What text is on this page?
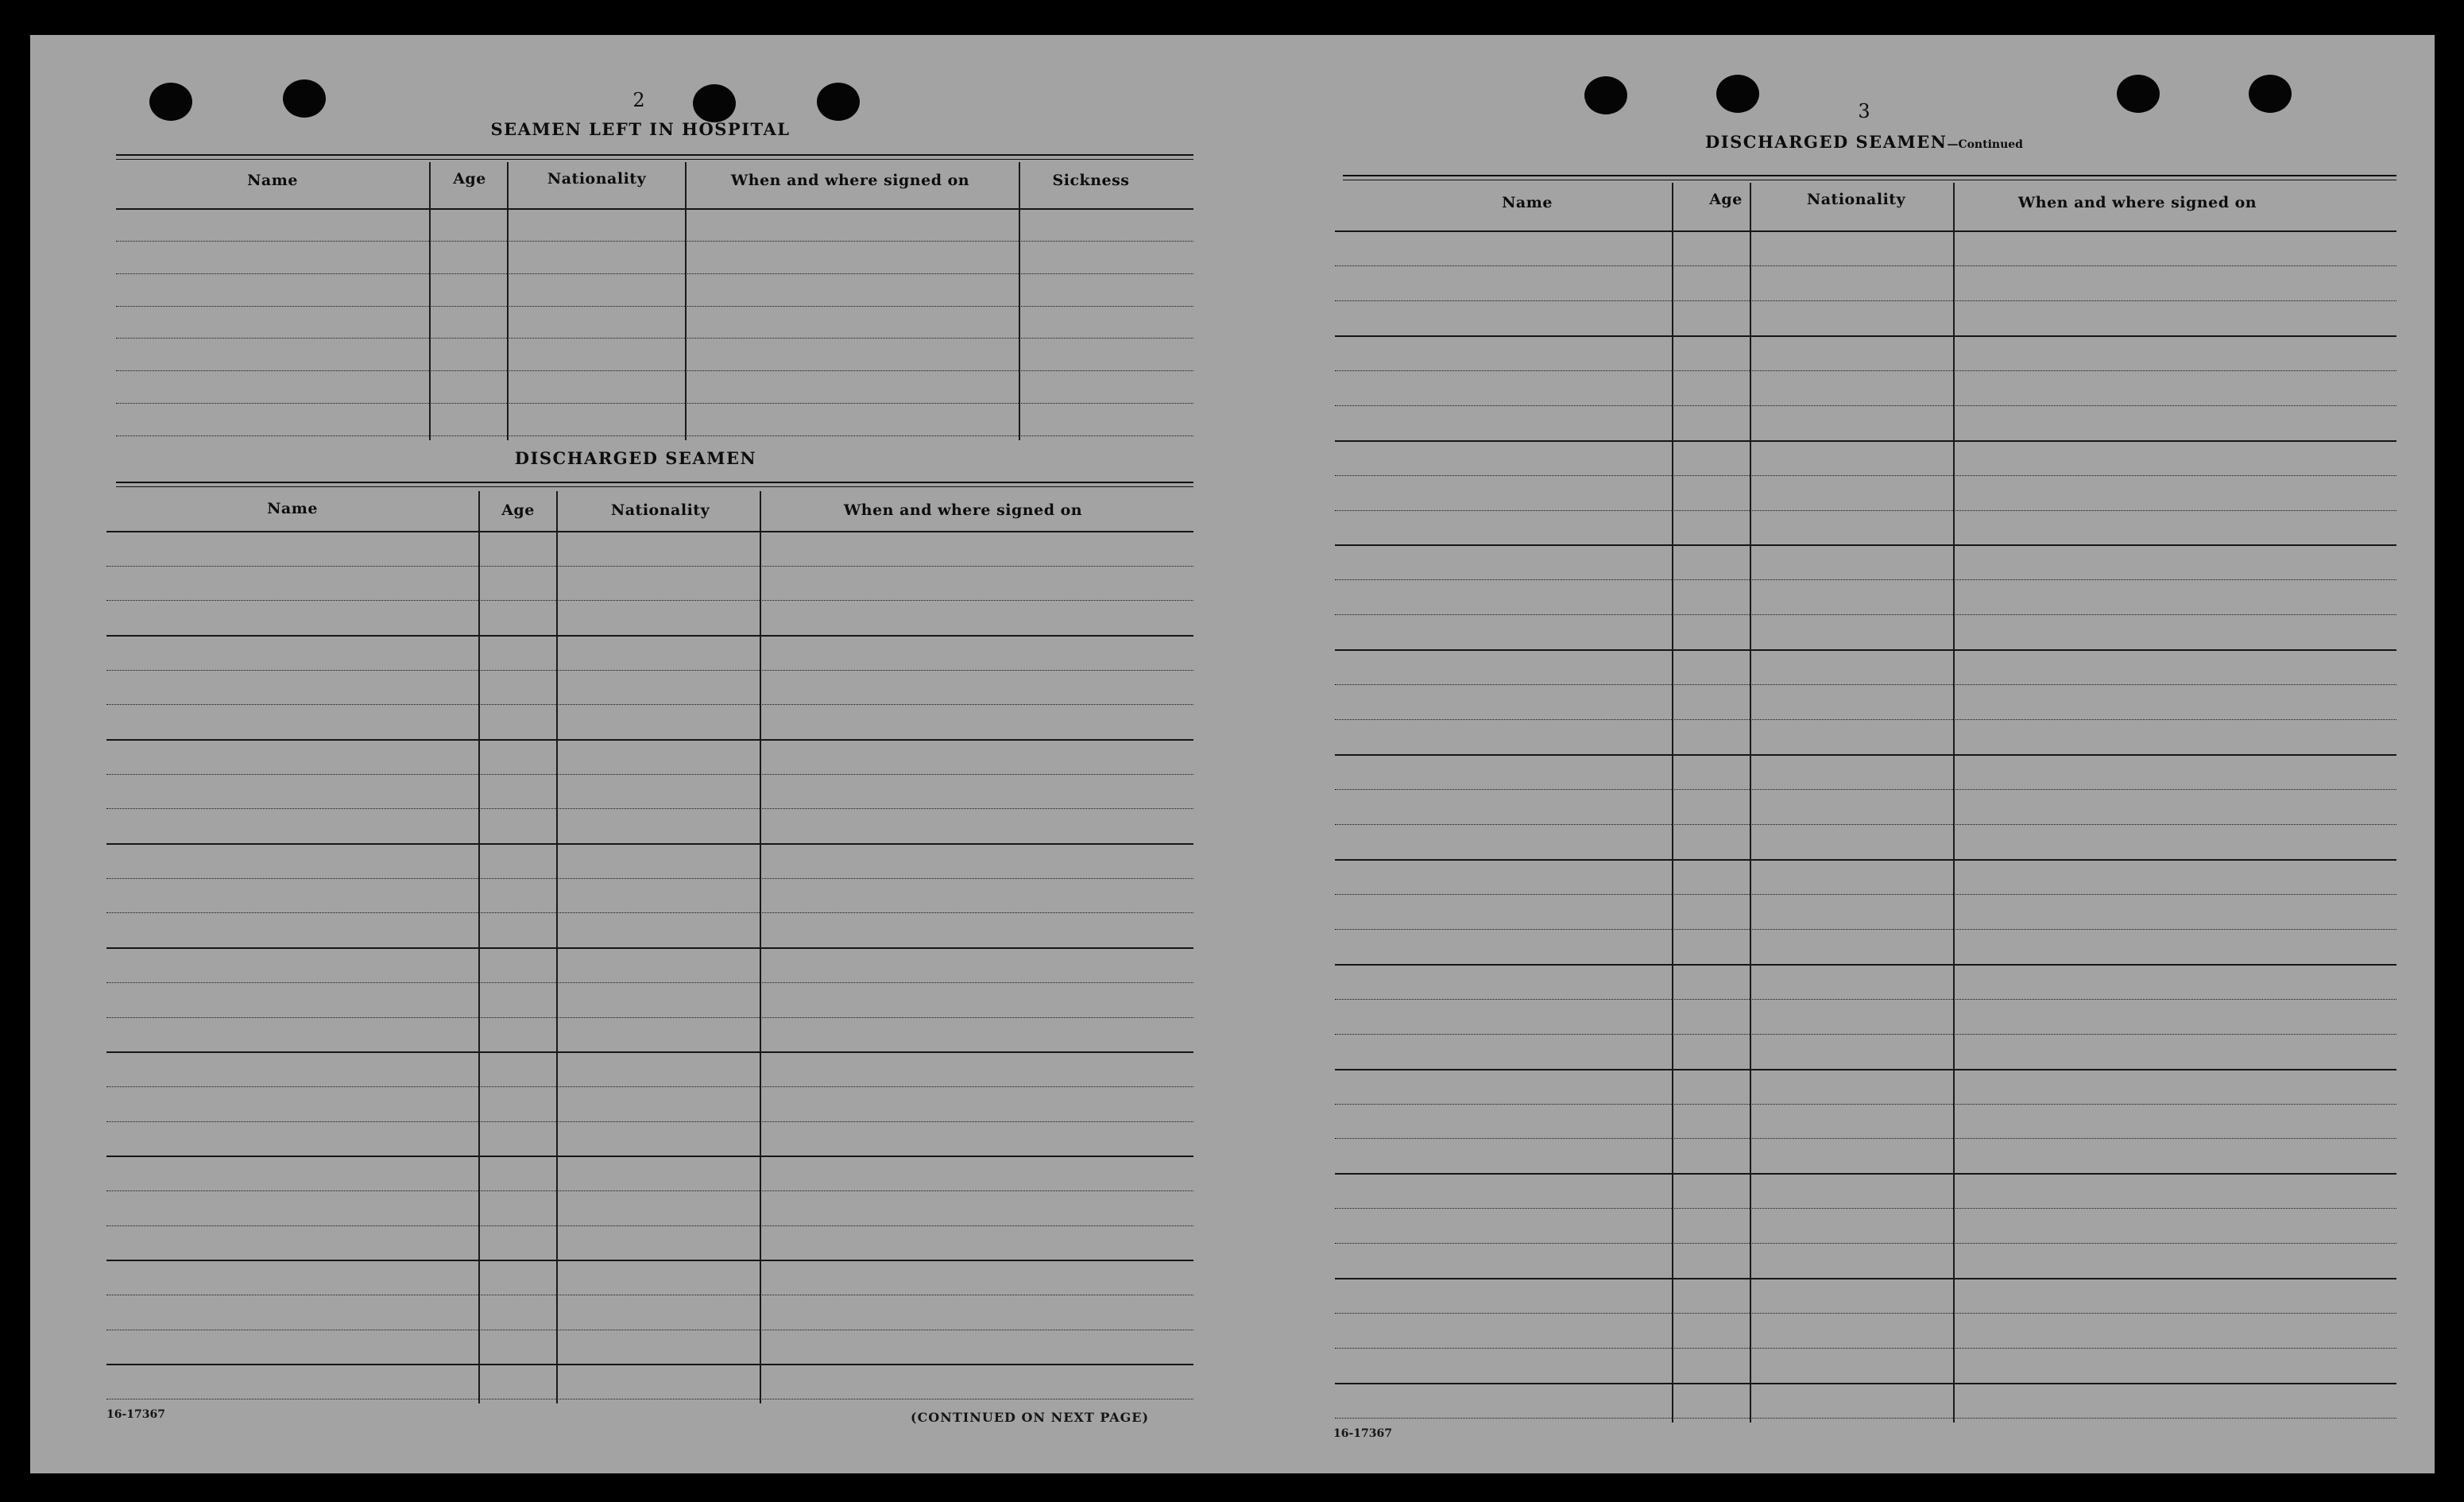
2
SEAMEN LEFT IN HOSPITAL
Name	Age	Nationality	When and where signed on	Sickness
DISCHARGED SEAMEN
Name	Age	Nationality	When and where signed on
16-17367	(CONTINUED ON NEXT PAGE)
3
DISCHARGED SEAMEN—Continued
Name	Age	Nationality	When and where signed on
16-17367
